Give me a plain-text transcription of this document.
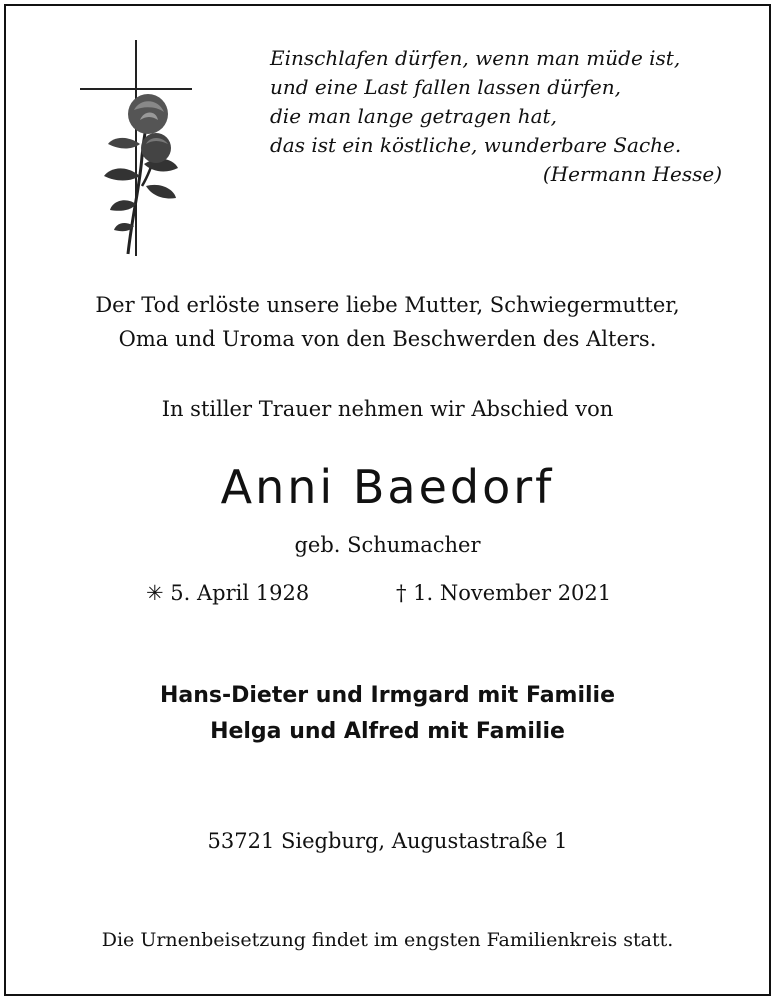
Einschlafen dürfen, wenn man müde ist,
und eine Last fallen lassen dürfen,
die man lange getragen hat,
das ist ein köstliche, wunderbare Sache.
(Hermann Hesse)
Der Tod erlöste unsere liebe Mutter, Schwiegermutter,
Oma und Uroma von den Beschwerden des Alters.
In stiller Trauer nehmen wir Abschied von
Anni Baedorf
geb. Schumacher
✳ 5. April 1928	† 1. November 2021
Hans-Dieter und Irmgard mit Familie
Helga und Alfred mit Familie
53721 Siegburg, Augustastraße 1
Die Urnenbeisetzung findet im engsten Familienkreis statt.
